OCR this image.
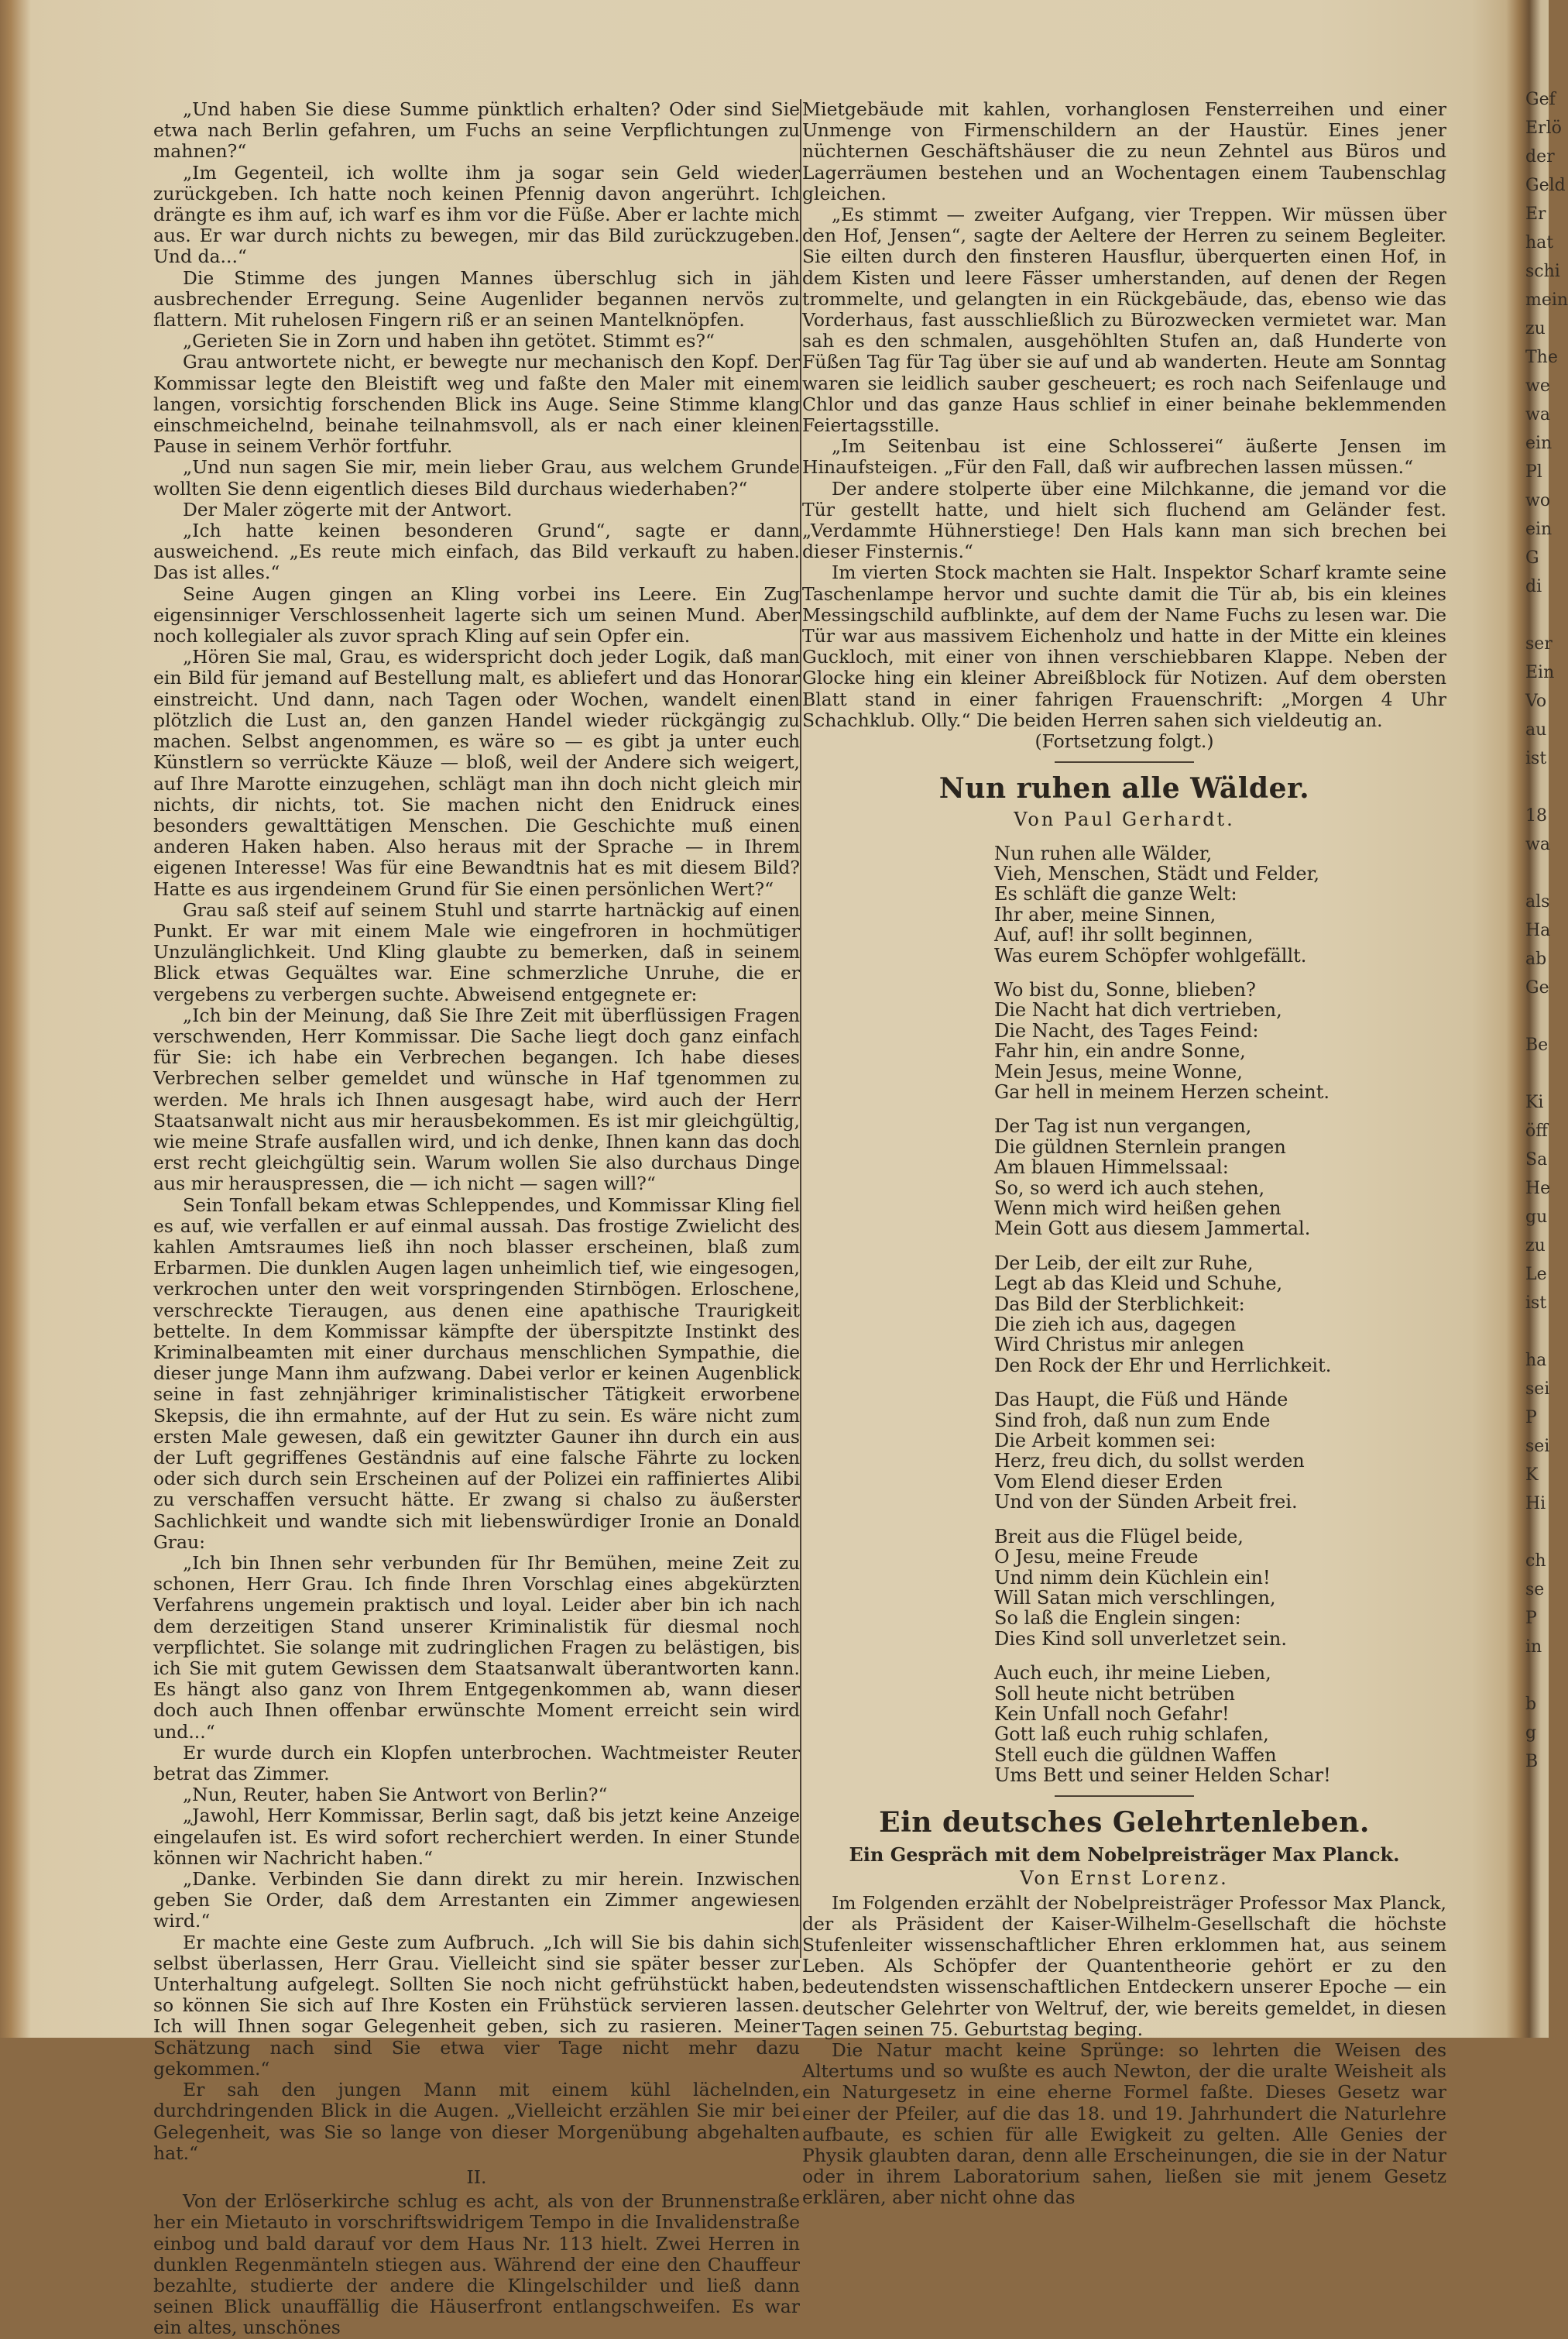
„Und haben Sie diese Summe pünktlich erhalten? Oder sind Sie etwa nach Berlin gefahren, um Fuchs an seine Verpflichtungen zu mahnen?“

„Im Gegenteil, ich wollte ihm ja sogar sein Geld wieder zurückgeben. Ich hatte noch keinen Pfennig davon angerührt. Ich drängte es ihm auf, ich warf es ihm vor die Füße. Aber er lachte mich aus. Er war durch nichts zu bewegen, mir das Bild zurückzugeben. Und da...“

Die Stimme des jungen Mannes überschlug sich in jäh ausbrechender Erregung. Seine Augenlider begannen nervös zu flattern. Mit ruhelosen Fingern riß er an seinen Mantelknöpfen.

„Gerieten Sie in Zorn und haben ihn getötet. Stimmt es?“

Grau antwortete nicht, er bewegte nur mechanisch den Kopf. Der Kommissar legte den Bleistift weg und faßte den Maler mit einem langen, vorsichtig forschenden Blick ins Auge. Seine Stimme klang einschmeichelnd, beinahe teilnahmsvoll, als er nach einer kleinen Pause in seinem Verhör fortfuhr.

„Und nun sagen Sie mir, mein lieber Grau, aus welchem Grunde wollten Sie denn eigentlich dieses Bild durchaus wiederhaben?“

Der Maler zögerte mit der Antwort.

„Ich hatte keinen besonderen Grund“, sagte er dann ausweichend. „Es reute mich einfach, das Bild verkauft zu haben. Das ist alles.“

Seine Augen gingen an Kling vorbei ins Leere. Ein Zug eigensinniger Verschlossenheit lagerte sich um seinen Mund. Aber noch kollegialer als zuvor sprach Kling auf sein Opfer ein.

„Hören Sie mal, Grau, es widerspricht doch jeder Logik, daß man ein Bild für jemand auf Bestellung malt, es abliefert und das Honorar einstreicht. Und dann, nach Tagen oder Wochen, wandelt einen plötzlich die Lust an, den ganzen Handel wieder rückgängig zu machen. Selbst angenommen, es wäre so — es gibt ja unter euch Künstlern so verrückte Käuze — bloß, weil der Andere sich weigert, auf Ihre Marotte einzugehen, schlägt man ihn doch nicht gleich mir nichts, dir nichts, tot. Sie machen nicht den Enidruck eines besonders gewalttätigen Menschen. Die Geschichte muß einen anderen Haken haben. Also heraus mit der Sprache — in Ihrem eigenen Interesse! Was für eine Bewandtnis hat es mit diesem Bild? Hatte es aus irgendeinem Grund für Sie einen persönlichen Wert?“

Grau saß steif auf seinem Stuhl und starrte hartnäckig auf einen Punkt. Er war mit einem Male wie eingefroren in hochmütiger Unzulänglichkeit. Und Kling glaubte zu bemerken, daß in seinem Blick etwas Gequältes war. Eine schmerzliche Unruhe, die er vergebens zu verbergen suchte. Abweisend entgegnete er:

„Ich bin der Meinung, daß Sie Ihre Zeit mit überflüssigen Fragen verschwenden, Herr Kommissar. Die Sache liegt doch ganz einfach für Sie: ich habe ein Verbrechen begangen. Ich habe dieses Verbrechen selber gemeldet und wünsche in Haf tgenommen zu werden. Me hrals ich Ihnen ausgesagt habe, wird auch der Herr Staatsanwalt nicht aus mir herausbekommen. Es ist mir gleichgültig, wie meine Strafe ausfallen wird, und ich denke, Ihnen kann das doch erst recht gleichgültig sein. Warum wollen Sie also durchaus Dinge aus mir herauspressen, die — ich nicht — sagen will?“

Sein Tonfall bekam etwas Schleppendes, und Kommissar Kling fiel es auf, wie verfallen er auf einmal aussah. Das frostige Zwielicht des kahlen Amtsraumes ließ ihn noch blasser erscheinen, blaß zum Erbarmen. Die dunklen Augen lagen unheimlich tief, wie eingesogen, verkrochen unter den weit vorspringenden Stirnbögen. Erloschene, verschreckte Tieraugen, aus denen eine apathische Traurigkeit bettelte. In dem Kommissar kämpfte der überspitzte Instinkt des Kriminalbeamten mit einer durchaus menschlichen Sympathie, die dieser junge Mann ihm aufzwang. Dabei verlor er keinen Augenblick seine in fast zehnjähriger kriminalistischer Tätigkeit erworbene Skepsis, die ihn ermahnte, auf der Hut zu sein. Es wäre nicht zum ersten Male gewesen, daß ein gewitzter Gauner ihn durch ein aus der Luft gegriffenes Geständnis auf eine falsche Fährte zu locken oder sich durch sein Erscheinen auf der Polizei ein raffiniertes Alibi zu verschaffen versucht hätte. Er zwang si chalso zu äußerster Sachlichkeit und wandte sich mit liebenswürdiger Ironie an Donald Grau:

„Ich bin Ihnen sehr verbunden für Ihr Bemühen, meine Zeit zu schonen, Herr Grau. Ich finde Ihren Vorschlag eines abgekürzten Verfahrens ungemein praktisch und loyal. Leider aber bin ich nach dem derzeitigen Stand unserer Kriminalistik für diesmal noch verpflichtet. Sie solange mit zudringlichen Fragen zu belästigen, bis ich Sie mit gutem Gewissen dem Staatsanwalt überantworten kann. Es hängt also ganz von Ihrem Entgegenkommen ab, wann dieser doch auch Ihnen offenbar erwünschte Moment erreicht sein wird und...“

Er wurde durch ein Klopfen unterbrochen. Wachtmeister Reuter betrat das Zimmer.

„Nun, Reuter, haben Sie Antwort von Berlin?“

„Jawohl, Herr Kommissar, Berlin sagt, daß bis jetzt keine Anzeige eingelaufen ist. Es wird sofort recherchiert werden. In einer Stunde können wir Nachricht haben.“

„Danke. Verbinden Sie dann direkt zu mir herein. Inzwischen geben Sie Order, daß dem Arrestanten ein Zimmer angewiesen wird.“

Er machte eine Geste zum Aufbruch. „Ich will Sie bis dahin sich selbst überlassen, Herr Grau. Vielleicht sind sie später besser zur Unterhaltung aufgelegt. Sollten Sie noch nicht gefrühstückt haben, so können Sie sich auf Ihre Kosten ein Frühstück servieren lassen. Ich will Ihnen sogar Gelegenheit geben, sich zu rasieren. Meiner Schätzung nach sind Sie etwa vier Tage nicht mehr dazu gekommen.“

Er sah den jungen Mann mit einem kühl lächelnden, durchdringenden Blick in die Augen. „Vielleicht erzählen Sie mir bei Gelegenheit, was Sie so lange von dieser Morgenübung abgehalten hat.“

II.

Von der Erlöserkirche schlug es acht, als von der Brunnenstraße her ein Mietauto in vorschriftswidrigem Tempo in die Invalidenstraße einbog und bald darauf vor dem Haus Nr. 113 hielt. Zwei Herren in dunklen Regenmänteln stiegen aus. Während der eine den Chauffeur bezahlte, studierte der andere die Klingelschilder und ließ dann seinen Blick unauffällig die Häuserfront entlangschweifen. Es war ein altes, unschönes

Mietgebäude mit kahlen, vorhanglosen Fensterreihen und einer Unmenge von Firmenschildern an der Haustür. Eines jener nüchternen Geschäftshäuser die zu neun Zehntel aus Büros und Lagerräumen bestehen und an Wochentagen einem Taubenschlag gleichen.

„Es stimmt — zweiter Aufgang, vier Treppen. Wir müssen über den Hof, Jensen“, sagte der Aeltere der Herren zu seinem Begleiter. Sie eilten durch den finsteren Hausflur, überquerten einen Hof, in dem Kisten und leere Fässer umherstanden, auf denen der Regen trommelte, und gelangten in ein Rückgebäude, das, ebenso wie das Vorderhaus, fast ausschließlich zu Bürozwecken vermietet war. Man sah es den schmalen, ausgehöhlten Stufen an, daß Hunderte von Füßen Tag für Tag über sie auf und ab wanderten. Heute am Sonntag waren sie leidlich sauber gescheuert; es roch nach Seifenlauge und Chlor und das ganze Haus schlief in einer beinahe beklemmenden Feiertagsstille.

„Im Seitenbau ist eine Schlosserei“ äußerte Jensen im Hinaufsteigen. „Für den Fall, daß wir aufbrechen lassen müssen.“

Der andere stolperte über eine Milchkanne, die jemand vor die Tür gestellt hatte, und hielt sich fluchend am Geländer fest. „Verdammte Hühnerstiege! Den Hals kann man sich brechen bei dieser Finsternis.“

Im vierten Stock machten sie Halt. Inspektor Scharf kramte seine Taschenlampe hervor und suchte damit die Tür ab, bis ein kleines Messingschild aufblinkte, auf dem der Name Fuchs zu lesen war. Die Tür war aus massivem Eichenholz und hatte in der Mitte ein kleines Guckloch, mit einer von ihnen verschiebbaren Klappe. Neben der Glocke hing ein kleiner Abreißblock für Notizen. Auf dem obersten Blatt stand in einer fahrigen Frauenschrift: „Morgen 4 Uhr Schachklub. Olly.“ Die beiden Herren sahen sich vieldeutig an.

(Fortsetzung folgt.)

Nun ruhen alle Wälder.

Von Paul Gerhardt.

Nun ruhen alle Wälder,
Vieh, Menschen, Städt und Felder,
Es schläft die ganze Welt:
Ihr aber, meine Sinnen,
Auf, auf! ihr sollt beginnen,
Was eurem Schöpfer wohlgefällt.
Wo bist du, Sonne, blieben?
Die Nacht hat dich vertrieben,
Die Nacht, des Tages Feind:
Fahr hin, ein andre Sonne,
Mein Jesus, meine Wonne,
Gar hell in meinem Herzen scheint.
Der Tag ist nun vergangen,
Die güldnen Sternlein prangen
Am blauen Himmelssaal:
So, so werd ich auch stehen,
Wenn mich wird heißen gehen
Mein Gott aus diesem Jammertal.
Der Leib, der eilt zur Ruhe,
Legt ab das Kleid und Schuhe,
Das Bild der Sterblichkeit:
Die zieh ich aus, dagegen
Wird Christus mir anlegen
Den Rock der Ehr und Herrlichkeit.
Das Haupt, die Füß und Hände
Sind froh, daß nun zum Ende
Die Arbeit kommen sei:
Herz, freu dich, du sollst werden
Vom Elend dieser Erden
Und von der Sünden Arbeit frei.
Breit aus die Flügel beide,
O Jesu, meine Freude
Und nimm dein Küchlein ein!
Will Satan mich verschlingen,
So laß die Englein singen:
Dies Kind soll unverletzet sein.
Auch euch, ihr meine Lieben,
Soll heute nicht betrüben
Kein Unfall noch Gefahr!
Gott laß euch ruhig schlafen,
Stell euch die güldnen Waffen
Ums Bett und seiner Helden Schar!
Ein deutsches Gelehrtenleben.

Ein Gespräch mit dem Nobelpreisträger Max Planck.

Von Ernst Lorenz.

Im Folgenden erzählt der Nobelpreisträger Professor Max Planck, der als Präsident der Kaiser-Wilhelm-Gesellschaft die höchste Stufenleiter wissenschaftlicher Ehren erklommen hat, aus seinem Leben. Als Schöpfer der Quantentheorie gehört er zu den bedeutendsten wissenschaftlichen Entdeckern unserer Epoche — ein deutscher Gelehrter von Weltruf, der, wie bereits gemeldet, in diesen Tagen seinen 75. Geburtstag beging.

Die Natur macht keine Sprünge: so lehrten die Weisen des Altertums und so wußte es auch Newton, der die uralte Weisheit als ein Naturgesetz in eine eherne Formel faßte. Dieses Gesetz war einer der Pfeiler, auf die das 18. und 19. Jahrhundert die Naturlehre aufbaute, es schien für alle Ewigkeit zu gelten. Alle Genies der Physik glaubten daran, denn alle Erscheinungen, die sie in der Natur oder in ihrem Laboratorium sahen, ließen sie mit jenem Gesetz erklären, aber nicht ohne das

Gef
Erlö
der
Geld
Er
hat
schi
mein
zu
The
we
wa
ein
Pl
wo
ein
G
di
ser
Ein
Vo
au
ist
18
wa
als
Ha
ab
Ge
Be
Ki
öff
Sa
He
gu
zu
Le
ist
ha
sei
P
sei
K
Hi
ch
se
P
in
b
g
B
